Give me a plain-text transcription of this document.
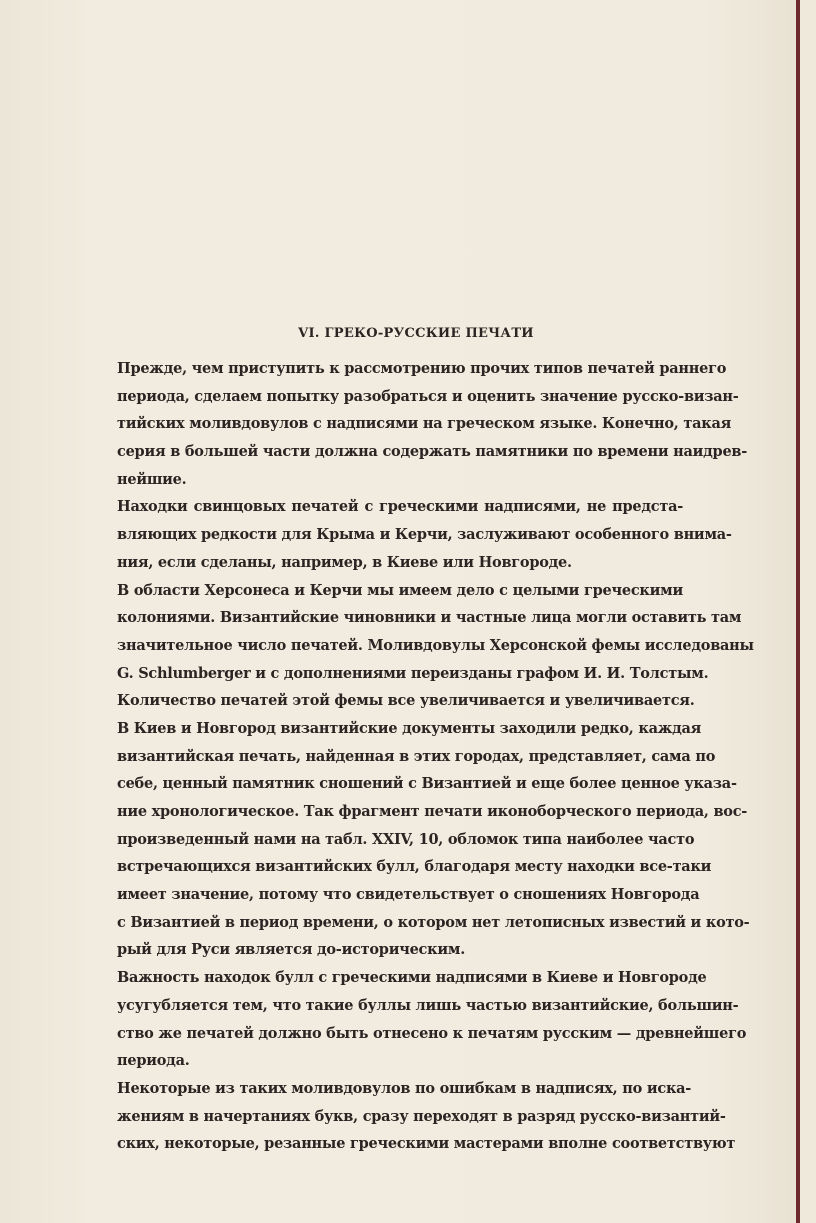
VI. ГРЕКО-РУССКИЕ ПЕЧАТИ
Прежде, чем приступить к рассмотрению прочих типов печатей раннего
периода, сделаем попытку разобраться и оценить значение русско-визан-
тийских моливдовулов с надписями на греческом языке. Конечно, такая
серия в большей части должна содержать памятники по времени наидрев-
нейшие.
Находки свинцовых печатей с греческими надписями, не предста-
вляющих редкости для Крыма и Керчи, заслуживают особенного внима-
ния, если сделаны, например, в Киеве или Новгороде.
В области Херсонеса и Керчи мы имеем дело с целыми греческими
колониями. Византийские чиновники и частные лица могли оставить там
значительное число печатей. Моливдовулы Херсонской фемы исследованы
G. Schlumberger и с дополнениями переизданы графом И. И. Толстым.
Количество печатей этой фемы все увеличивается и увеличивается.
В Киев и Новгород византийские документы заходили редко, каждая
византийская печать, найденная в этих городах, представляет, сама по
себе, ценный памятник сношений с Византией и еще более ценное указа-
ние хронологическое. Так фрагмент печати иконоборческого периода, вос-
произведенный нами на табл. XXIV, 10, обломок типа наиболее часто
встречающихся византийских булл, благодаря месту находки все-таки
имеет значение, потому что свидетельствует о сношениях Новгорода
с Византией в период времени, о котором нет летописных известий и кото-
рый для Руси является до-историческим.
Важность находок булл с греческими надписями в Киеве и Новгороде
усугубляется тем, что такие буллы лишь частью византийские, большин-
ство же печатей должно быть отнесено к печатям русским — древнейшего
периода.
Некоторые из таких моливдовулов по ошибкам в надписях, по иска-
жениям в начертаниях букв, сразу переходят в разряд русско-византий-
ских, некоторые, резанные греческими мастерами вполне соответствуют
